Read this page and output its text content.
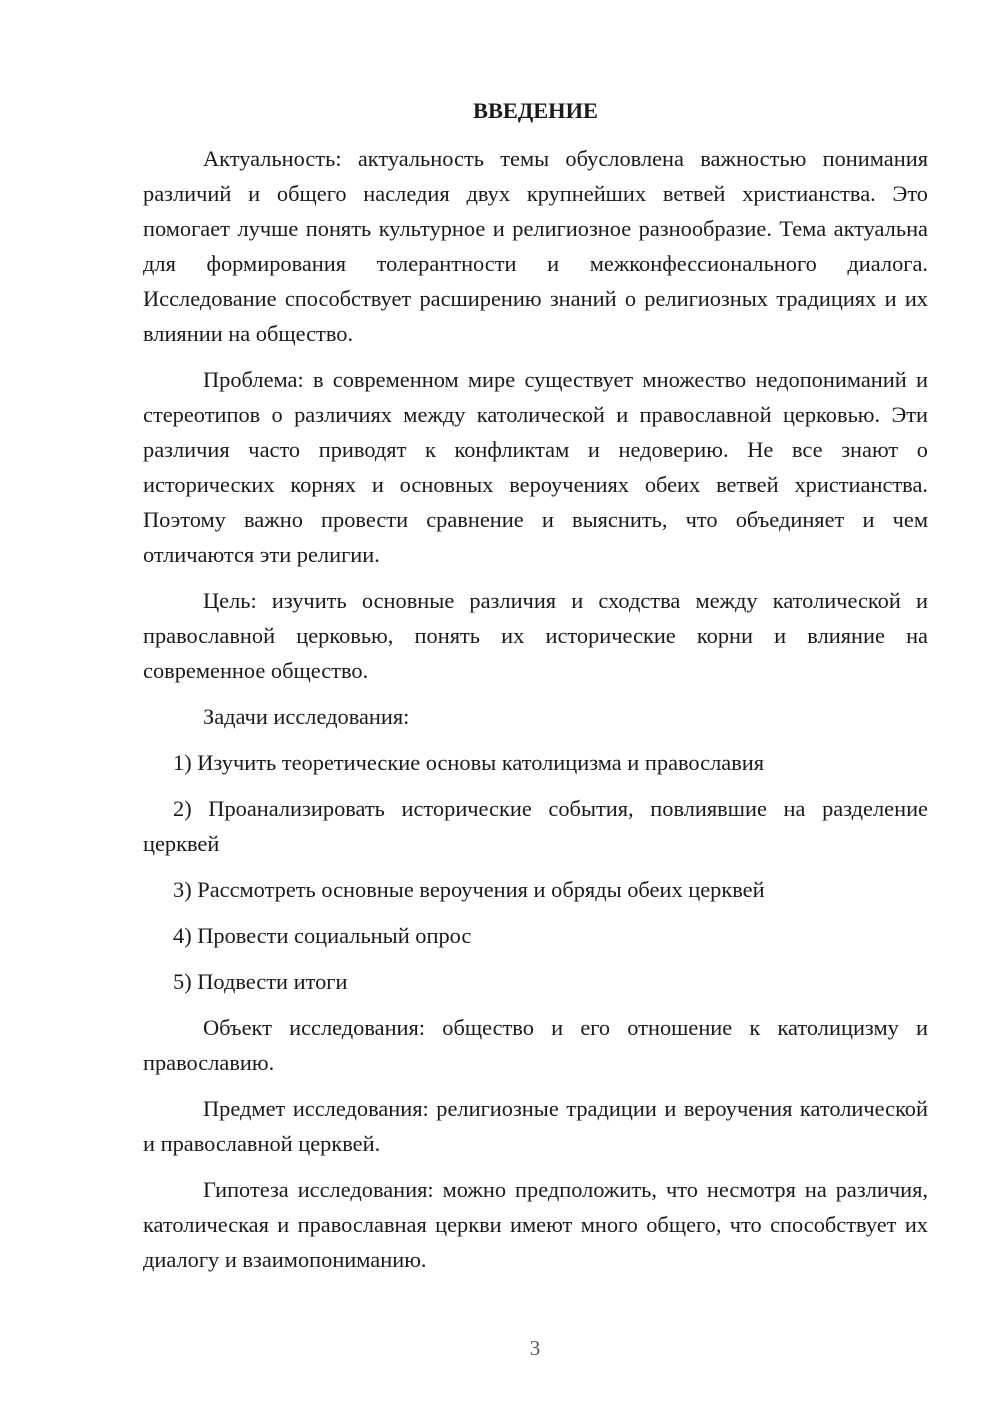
ВВЕДЕНИЕ

Актуальность: актуальность темы обусловлена важностью понимания различий и общего наследия двух крупнейших ветвей христианства. Это помогает лучше понять культурное и религиозное разнообразие. Тема актуальна для формирования толерантности и межконфессионального диалога. Исследование способствует расширению знаний о религиозных традициях и их влиянии на общество.

Проблема: в современном мире существует множество недопониманий и стереотипов о различиях между католической и православной церковью. Эти различия часто приводят к конфликтам и недоверию. Не все знают о исторических корнях и основных вероучениях обеих ветвей христианства. Поэтому важно провести сравнение и выяснить, что объединяет и чем отличаются эти религии.

Цель: изучить основные различия и сходства между католической и православной церковью, понять их исторические корни и влияние на современное общество.

Задачи исследования:

1) Изучить теоретические основы католицизма и православия

2) Проанализировать исторические события, повлиявшие на разделение церквей

3) Рассмотреть основные вероучения и обряды обеих церквей

4) Провести социальный опрос

5) Подвести итоги

Объект исследования: общество и его отношение к католицизму и православию.

Предмет исследования: религиозные традиции и вероучения католической и православной церквей.

Гипотеза исследования: можно предположить, что несмотря на различия, католическая и православная церкви имеют много общего, что способствует их диалогу и взаимопониманию.

3
